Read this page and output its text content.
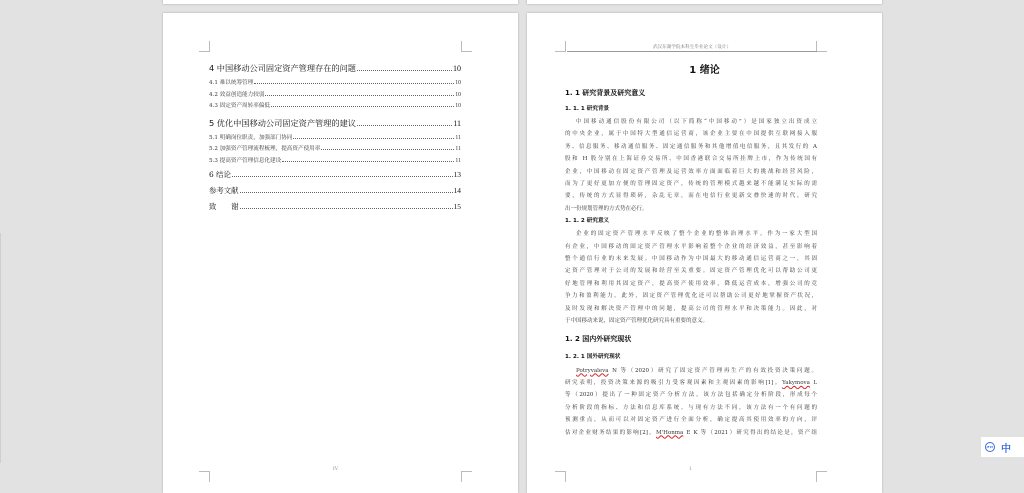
4 中国移动公司固定资产管理存在的问题	10
4.1 难以统筹管理	10
4.2 效益创造能力较弱	10
4.3 固定资产周转率偏低	10
5 优化中国移动公司固定资产管理的建议	11
5.1 明确岗位职责，加强部门协同	11
5.2 加强资产管理流程梳理，提高资产使用率	11
5.3 提高资产管理信息化建设	11
6 结论	13
参考文献	14
致　　谢	15
IV
武汉东湖学院本科生毕业论文（设计）
1 绪论
1. 1 研究背景及研究意义
1. 1. 1 研究背景
中国移动通信股份有限公司（以下简称“中国移动”）是国家独立出资成立
的中央企业，属于中国特大型通信运营商，该企业主要在中国提供互联网接入服
务、信息服务、移动通信服务、固定通信服务和其他增值电信服务，且其发行的 A
股和 H 股分别在上海证券交易所、中国香港联合交易所挂牌上市，作为传统国有
企业，中国移动在固定资产管理及运营效率方面面临着巨大的挑战和经营风险，
而为了更好更加方便的管理固定资产，传统的管理模式越来越不能满足实际的需
要，传统的方式显得琐碎，杂乱无章，而在电信行业更新交叠快速的时代，研究
出一份规划管理的方式势在必行。
1. 1. 2 研究意义
企业的固定资产管理水平反映了整个企业的整体治理水平。作为一家大型国
有企业，中国移动的固定资产管理水平影响着整个企业的经济效益，甚至影响着
整个通信行业的未来发展。中国移动作为中国最大的移动通信运营商之一，其固
定资产管理对于公司的发展和经营至关重要。固定资产管理优化可以帮助公司更
好地管理和利用其固定资产，提高资产使用效率，降低运营成本，增强公司的竞
争力和盈利能力。此外，固定资产管理优化还可以帮助公司更好地掌握资产状况，
及时发现和解决资产管理中的问题，提高公司的管理水平和决策能力。因此，对
于中国移动来说，固定资产管理优化研究具有重要的意义。
1. 2 国内外研究现状
1. 2. 1 国外研究现状
Potryvaleva N 等（2020）研究了固定资产管理再生产的有效投资决策问题。
研究表明，投资决策来源的吸引力受客观因素和主观因素的影响[1]。Yakymova L
等（2020）提出了一种固定资产分析方法，该方法包括确定分析阶段，形成每个
分析阶段的指标、方法和信息库系统。与现有方法不同，该方法有一个有问题的
预测重点，从而可以对固定资产进行全面分析，确定提高其使用效率的方向，评
估对企业财务结果的影响[2]。M'Honma E K 等（2021）研究得出的结论是，资产组
1
iFLY 中
